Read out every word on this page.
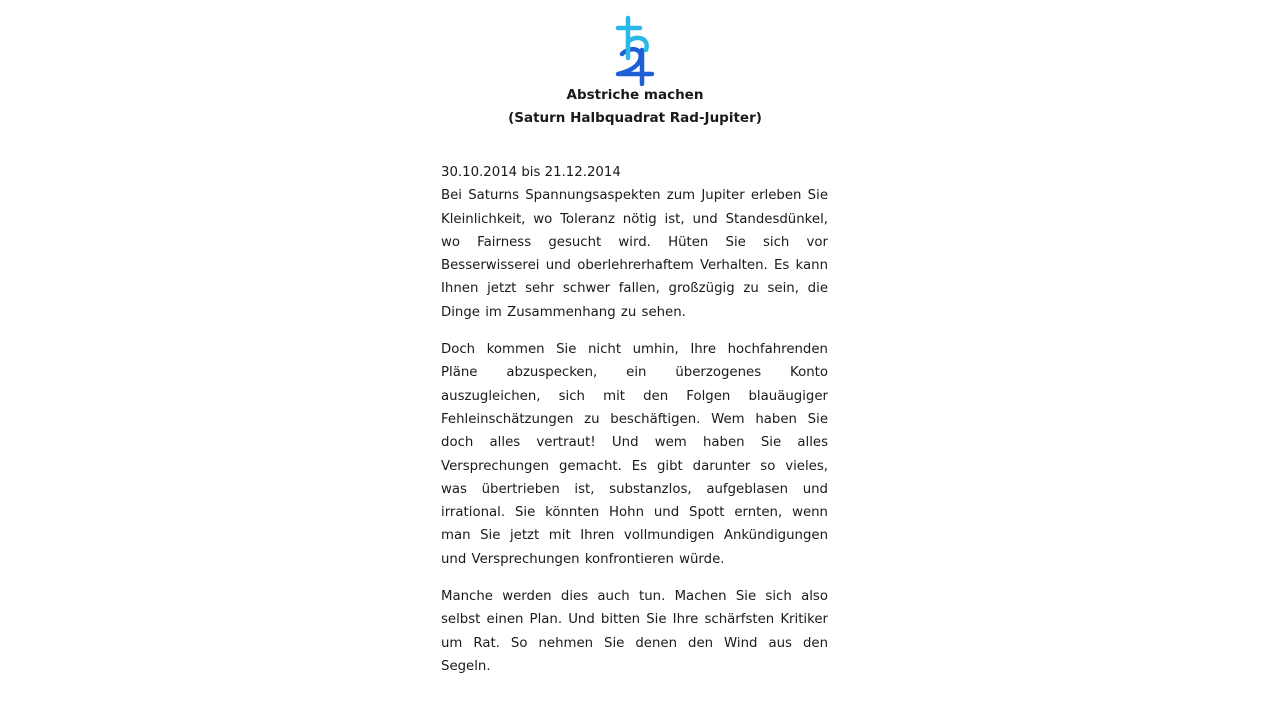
Abstriche machen
(Saturn Halbquadrat Rad-Jupiter)

30.10.2014 bis 21.12.2014

Bei Saturns Spannungsaspekten zum Jupiter erleben Sie Kleinlichkeit, wo Toleranz nötig ist, und Standesdünkel, wo Fairness gesucht wird. Hüten Sie sich vor Besserwisserei und oberlehrerhaftem Verhalten. Es kann Ihnen jetzt sehr schwer fallen, großzügig zu sein, die Dinge im Zusammenhang zu sehen.

Doch kommen Sie nicht umhin, Ihre hochfahrenden Pläne abzuspecken, ein überzogenes Konto auszugleichen, sich mit den Folgen blauäugiger Fehleinschätzungen zu beschäftigen. Wem haben Sie doch alles vertraut! Und wem haben Sie alles Versprechungen gemacht. Es gibt darunter so vieles, was übertrieben ist, substanzlos, aufgeblasen und irrational. Sie könnten Hohn und Spott ernten, wenn man Sie jetzt mit Ihren vollmundigen Ankündigungen und Versprechungen konfrontieren würde.

Manche werden dies auch tun. Machen Sie sich also selbst einen Plan. Und bitten Sie Ihre schärfsten Kritiker um Rat. So nehmen Sie denen den Wind aus den Segeln.
